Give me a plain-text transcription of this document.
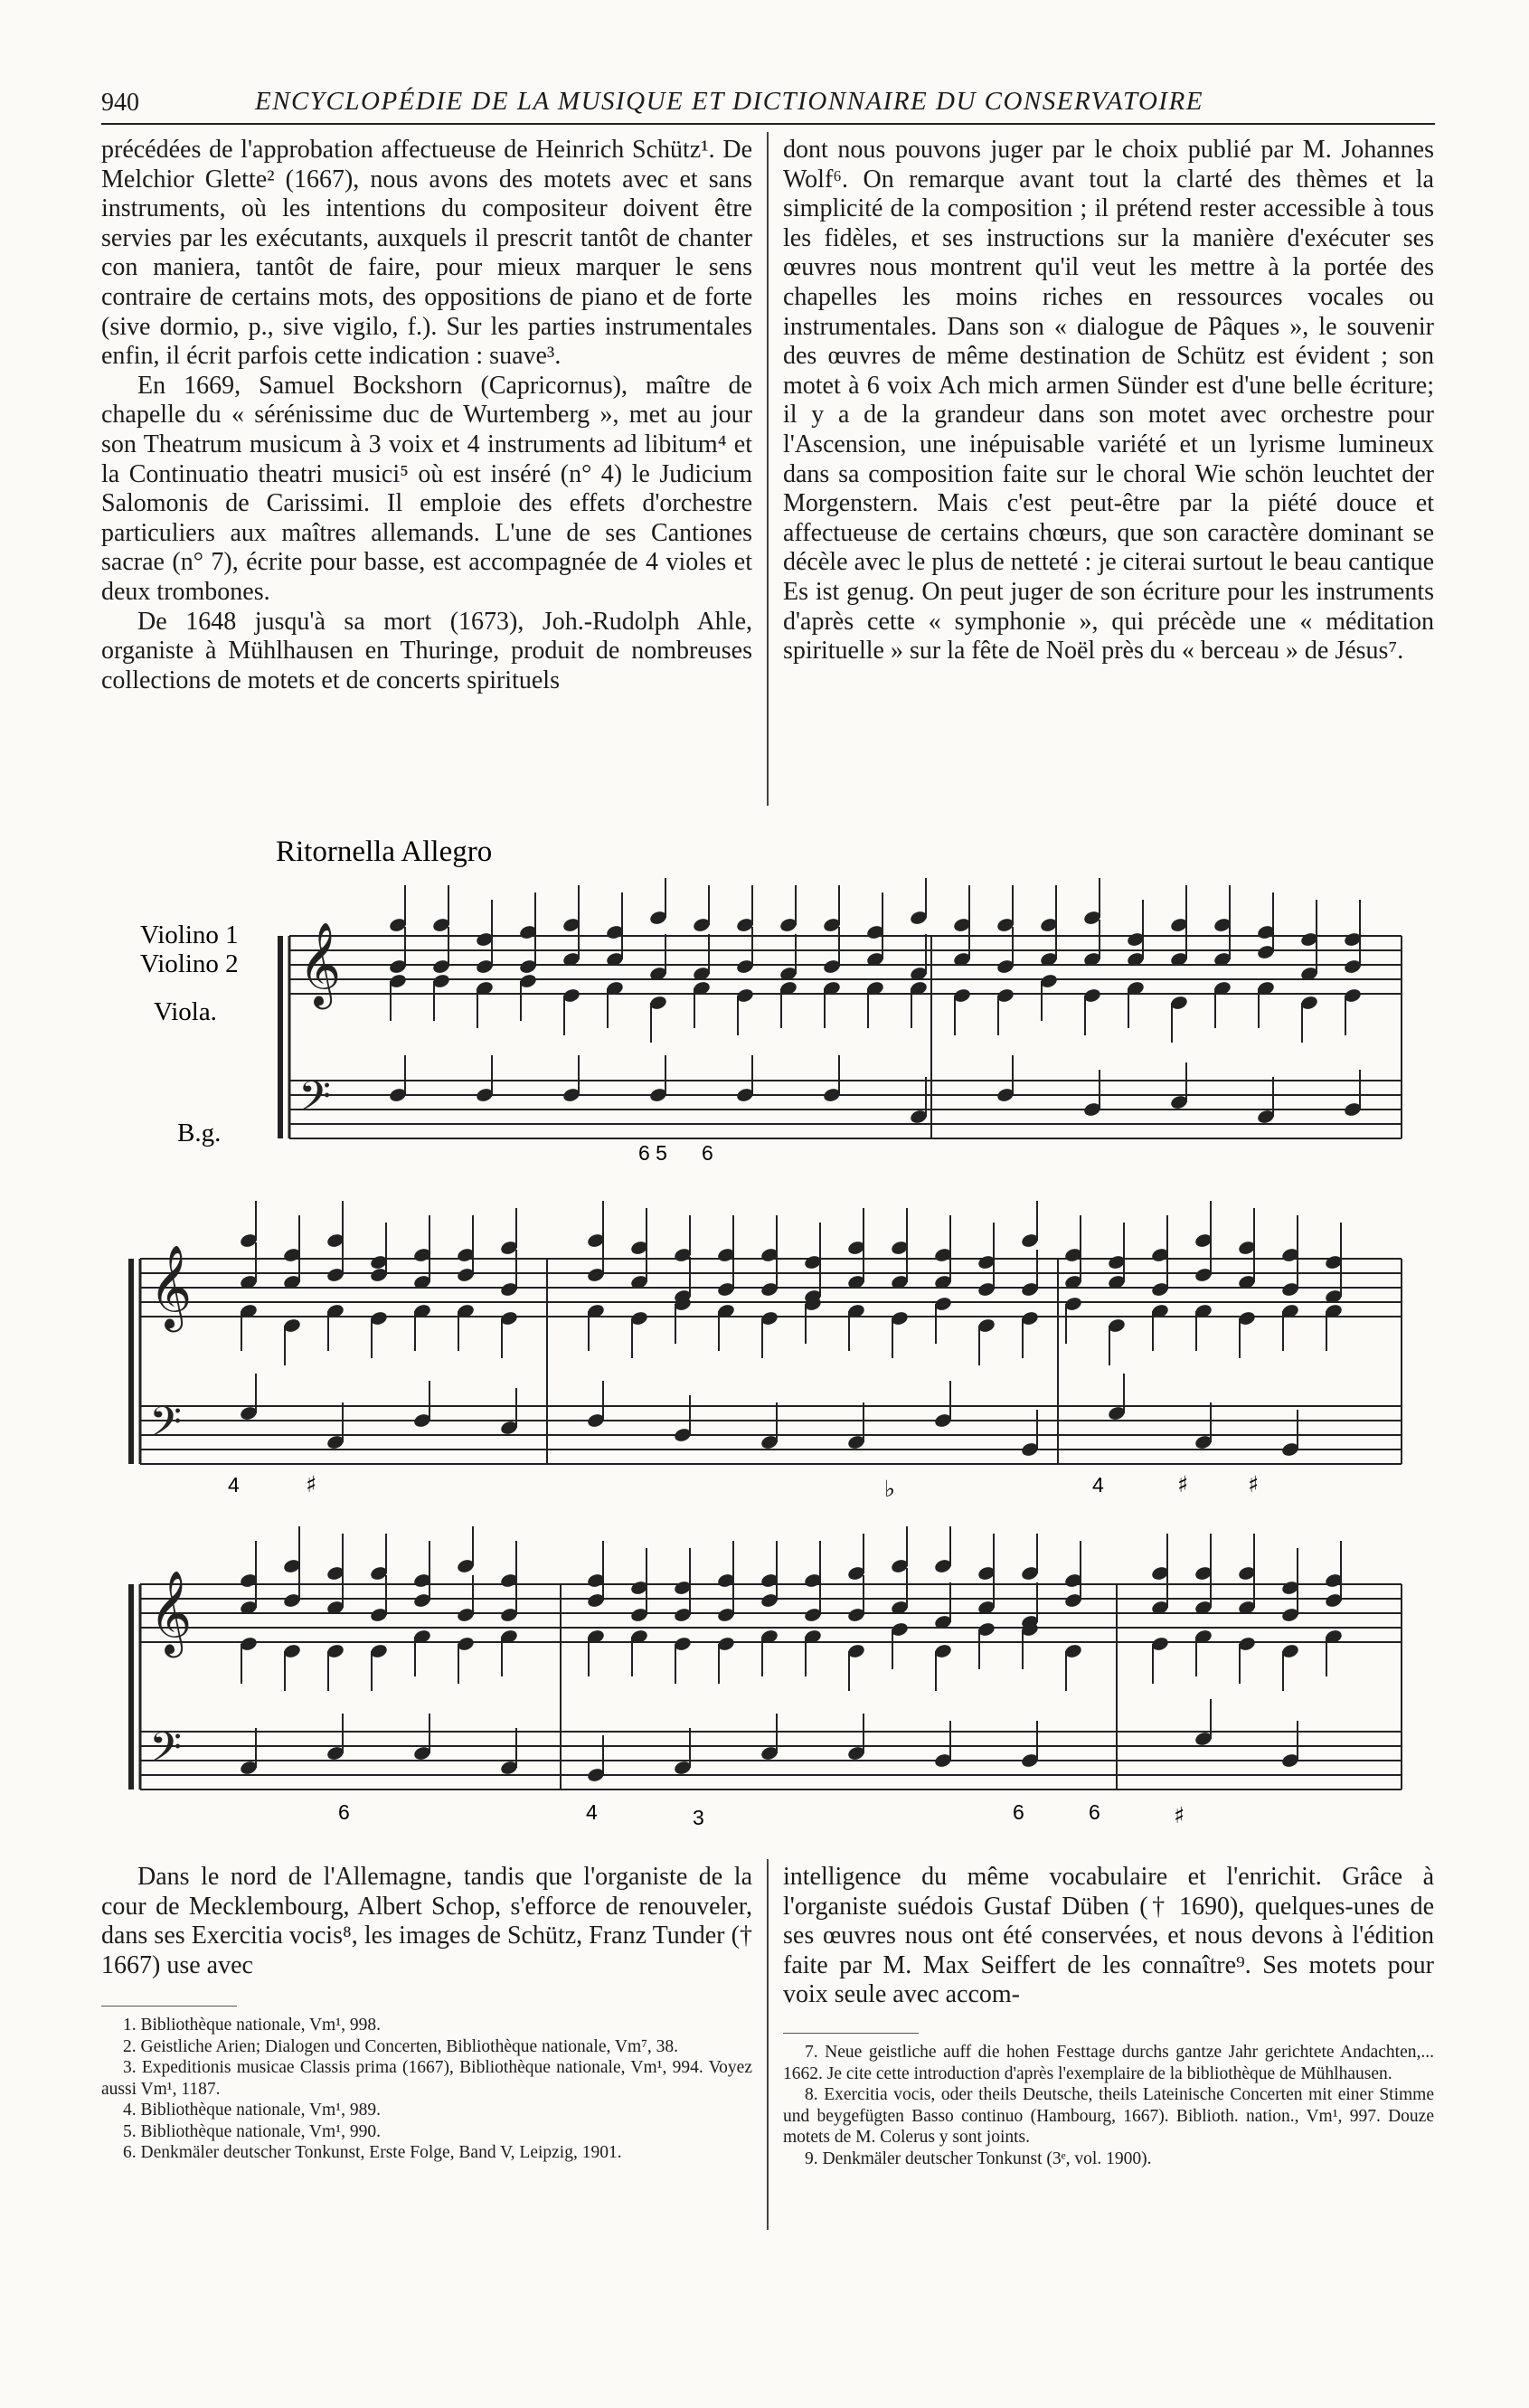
940	ENCYCLOPÉDIE DE LA MUSIQUE ET DICTIONNAIRE DU CONSERVATOIRE

précédées de l'approbation affectueuse de Heinrich Schütz¹. De Melchior Glette² (1667), nous avons des motets avec et sans instruments, où les intentions du compositeur doivent être servies par les exécutants, auxquels il prescrit tantôt de chanter con maniera, tantôt de faire, pour mieux marquer le sens contraire de certains mots, des oppositions de piano et de forte (sive dormio, p., sive vigilo, f.). Sur les parties instrumentales enfin, il écrit parfois cette indication : suave³.

En 1669, Samuel Bockshorn (Capricornus), maître de chapelle du « sérénissime duc de Wurtemberg », met au jour son Theatrum musicum à 3 voix et 4 instruments ad libitum⁴ et la Continuatio theatri musici⁵ où est inséré (n° 4) le Judicium Salomonis de Carissimi. Il emploie des effets d'orchestre particuliers aux maîtres allemands. L'une de ses Cantiones sacrae (n° 7), écrite pour basse, est accompagnée de 4 violes et deux trombones.

De 1648 jusqu'à sa mort (1673), Joh.-Rudolph Ahle, organiste à Mühlhausen en Thuringe, produit de nombreuses collections de motets et de concerts spirituels

dont nous pouvons juger par le choix publié par M. Johannes Wolf⁶. On remarque avant tout la clarté des thèmes et la simplicité de la composition ; il prétend rester accessible à tous les fidèles, et ses instructions sur la manière d'exécuter ses œuvres nous montrent qu'il veut les mettre à la portée des chapelles les moins riches en ressources vocales ou instrumentales. Dans son « dialogue de Pâques », le souvenir des œuvres de même destination de Schütz est évident ; son motet à 6 voix Ach mich armen Sünder est d'une belle écriture; il y a de la grandeur dans son motet avec orchestre pour l'Ascension, une inépuisable variété et un lyrisme lumineux dans sa composition faite sur le choral Wie schön leuchtet der Morgenstern. Mais c'est peut-être par la piété douce et affectueuse de certains chœurs, que son caractère dominant se décèle avec le plus de netteté : je citerai surtout le beau cantique Es ist genug. On peut juger de son écriture pour les instruments d'après cette « symphonie », qui précède une « méditation spirituelle » sur la fête de Noël près du « berceau » de Jésus⁷.

Ritornella Allegro
Violino 1
Violino 2
Viola.
B.g.
𝄞
𝄢
𝄞
𝄢
𝄞
𝄢
6 5 6
4	♯	♭	4	♯	♯
6	4	3	6	6	♯

Dans le nord de l'Allemagne, tandis que l'organiste de la cour de Mecklembourg, Albert Schop, s'efforce de renouveler, dans ses Exercitia vocis⁸, les images de Schütz, Franz Tunder († 1667) use avec

intelligence du même vocabulaire et l'enrichit. Grâce à l'organiste suédois Gustaf Düben († 1690), quelques-unes de ses œuvres nous ont été conservées, et nous devons à l'édition faite par M. Max Seiffert de les connaître⁹. Ses motets pour voix seule avec accom-

1. Bibliothèque nationale, Vm¹, 998.
2. Geistliche Arien; Dialogen und Concerten, Bibliothèque nationale, Vm⁷, 38.
3. Expeditionis musicae Classis prima (1667), Bibliothèque nationale, Vm¹, 994. Voyez aussi Vm¹, 1187.
4. Bibliothèque nationale, Vm¹, 989.
5. Bibliothèque nationale, Vm¹, 990.
6. Denkmäler deutscher Tonkunst, Erste Folge, Band V, Leipzig, 1901.
7. Neue geistliche auff die hohen Festtage durchs gantze Jahr gerichtete Andachten,... 1662. Je cite cette introduction d'après l'exemplaire de la bibliothèque de Mühlhausen.
8. Exercitia vocis, oder theils Deutsche, theils Lateinische Concerten mit einer Stimme und beygefügten Basso continuo (Hambourg, 1667). Biblioth. nation., Vm¹, 997. Douze motets de M. Colerus y sont joints.
9. Denkmäler deutscher Tonkunst (3ᵉ, vol. 1900).
